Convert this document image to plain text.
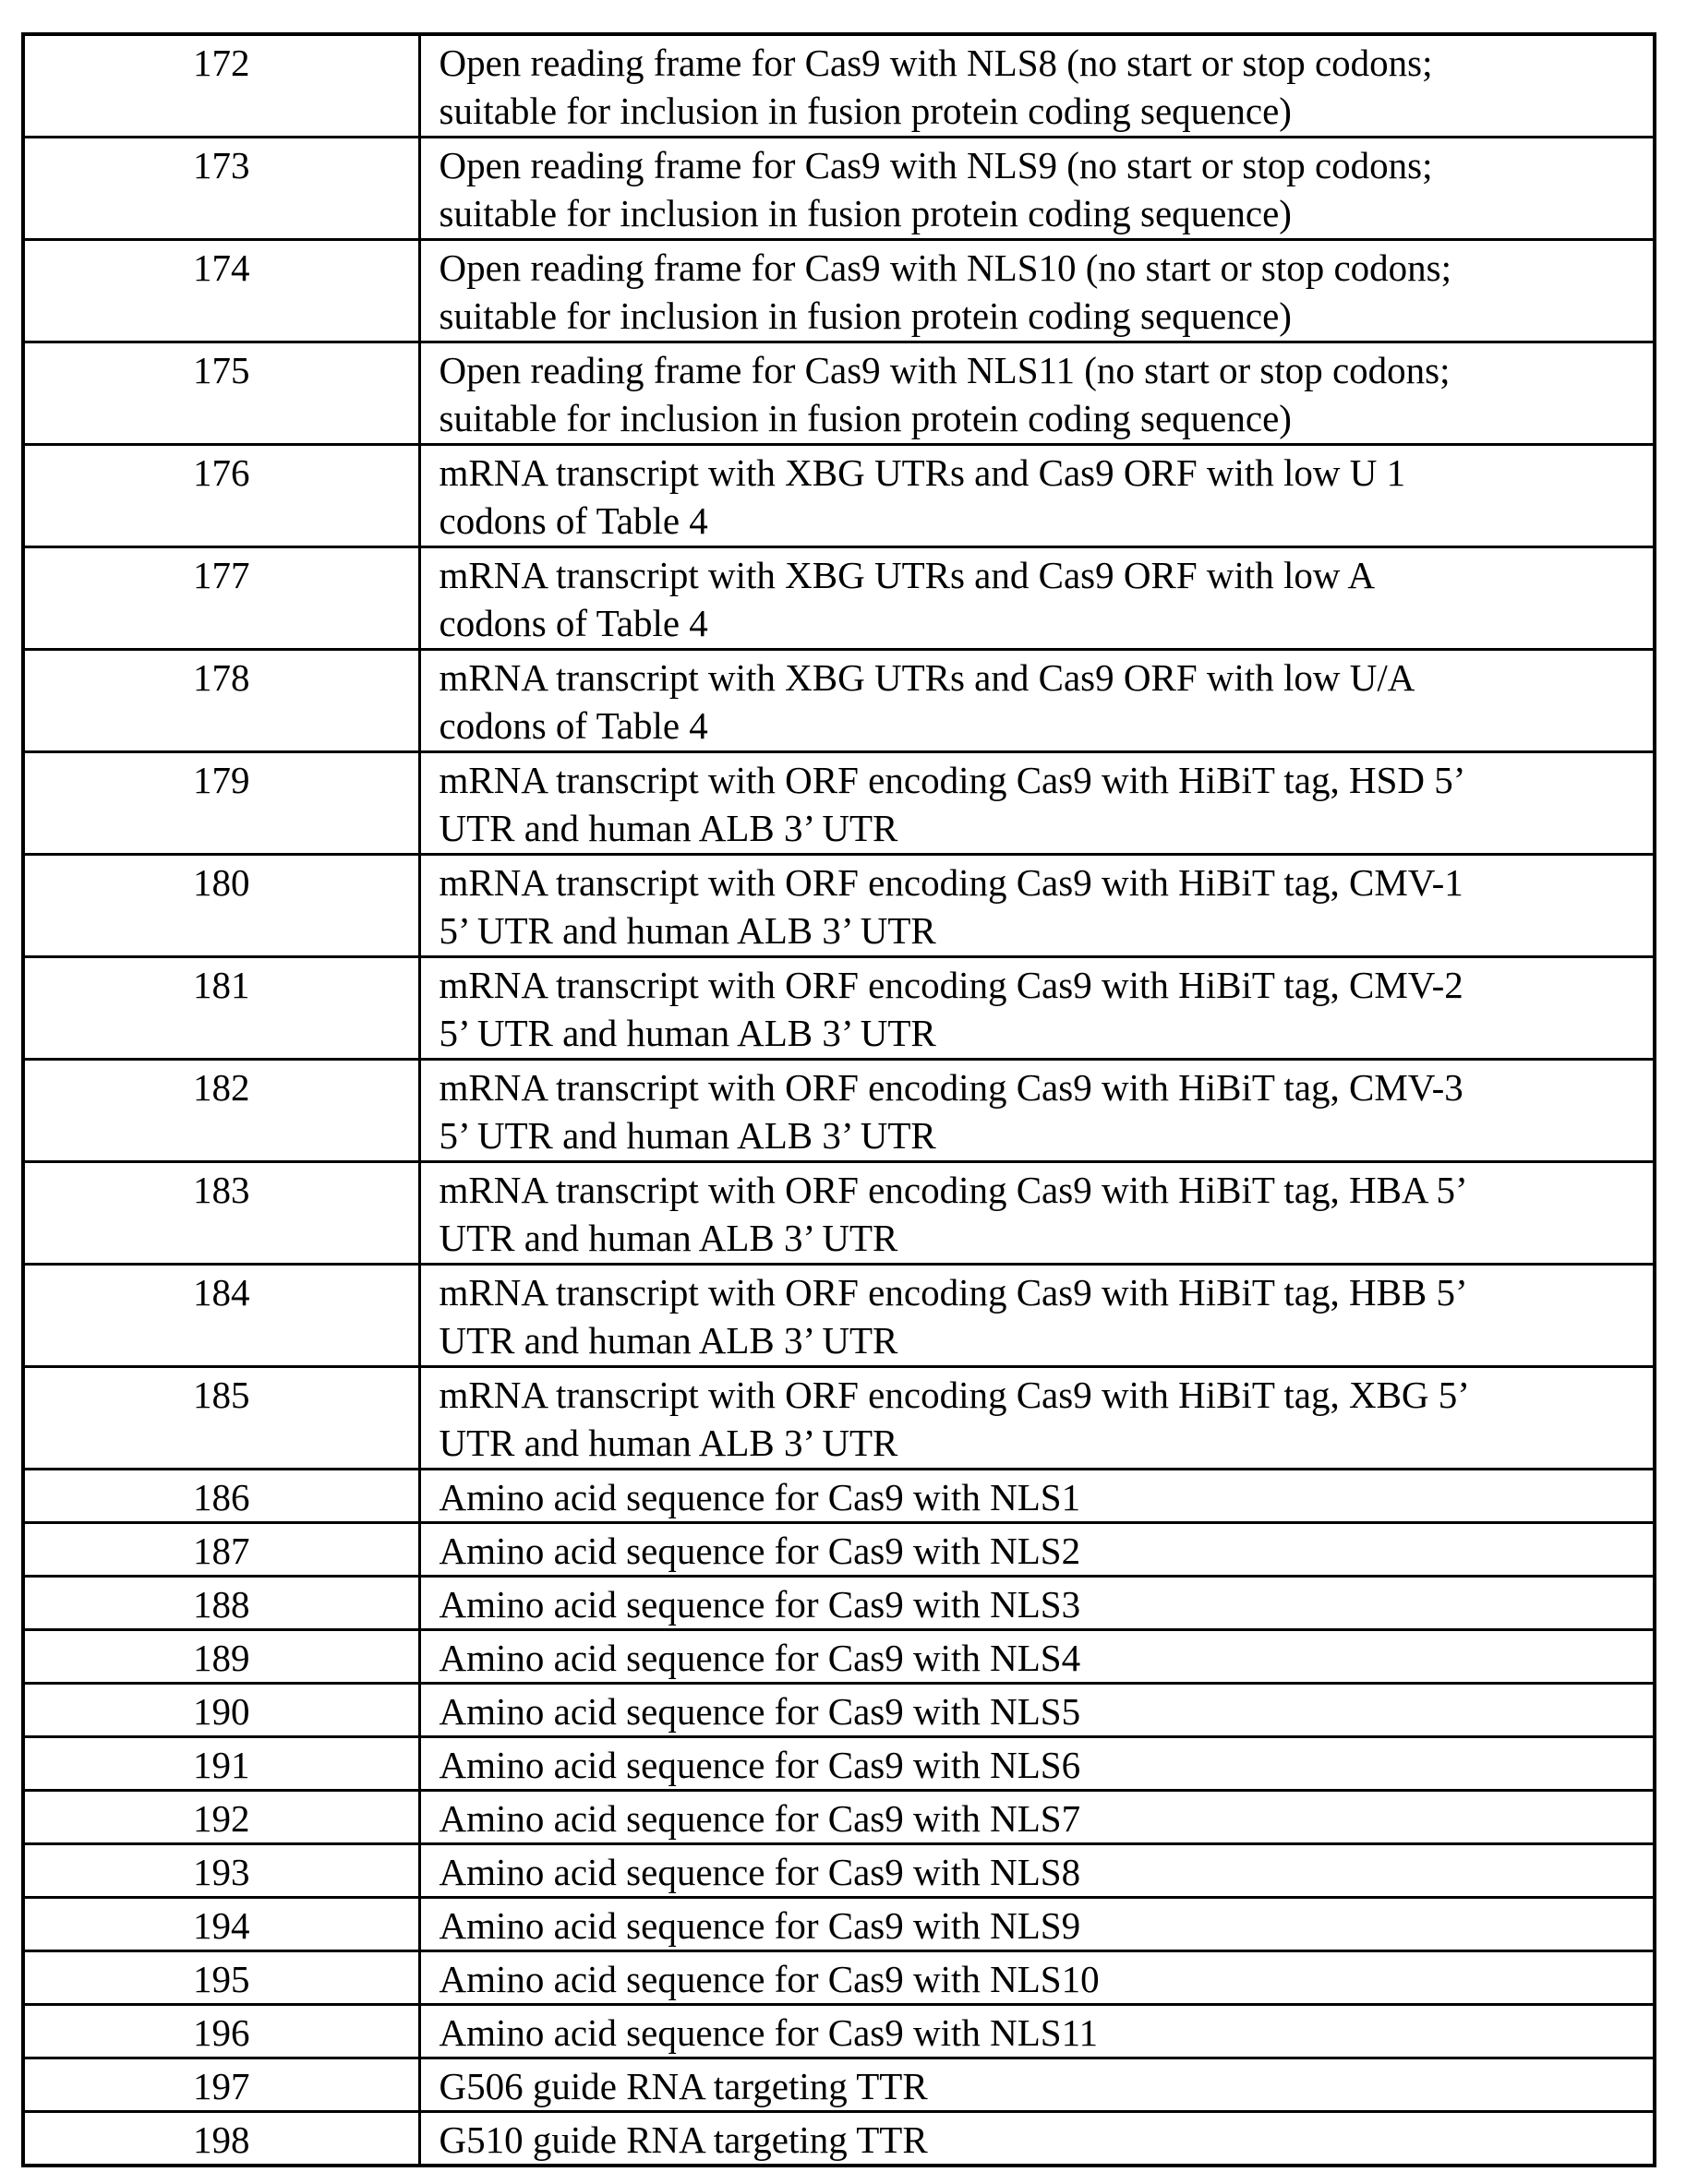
172	Open reading frame for Cas9 with NLS8 (no start or stop codons;
suitable for inclusion in fusion protein coding sequence)
173	Open reading frame for Cas9 with NLS9 (no start or stop codons;
suitable for inclusion in fusion protein coding sequence)
174	Open reading frame for Cas9 with NLS10 (no start or stop codons;
suitable for inclusion in fusion protein coding sequence)
175	Open reading frame for Cas9 with NLS11 (no start or stop codons;
suitable for inclusion in fusion protein coding sequence)
176	mRNA transcript with XBG UTRs and Cas9 ORF with low U 1
codons of Table 4
177	mRNA transcript with XBG UTRs and Cas9 ORF with low A
codons of Table 4
178	mRNA transcript with XBG UTRs and Cas9 ORF with low U/A
codons of Table 4
179	mRNA transcript with ORF encoding Cas9 with HiBiT tag, HSD 5’
UTR and human ALB 3’ UTR
180	mRNA transcript with ORF encoding Cas9 with HiBiT tag, CMV-1
5’ UTR and human ALB 3’ UTR
181	mRNA transcript with ORF encoding Cas9 with HiBiT tag, CMV-2
5’ UTR and human ALB 3’ UTR
182	mRNA transcript with ORF encoding Cas9 with HiBiT tag, CMV-3
5’ UTR and human ALB 3’ UTR
183	mRNA transcript with ORF encoding Cas9 with HiBiT tag, HBA 5’
UTR and human ALB 3’ UTR
184	mRNA transcript with ORF encoding Cas9 with HiBiT tag, HBB 5’
UTR and human ALB 3’ UTR
185	mRNA transcript with ORF encoding Cas9 with HiBiT tag, XBG 5’
UTR and human ALB 3’ UTR
186	Amino acid sequence for Cas9 with NLS1
187	Amino acid sequence for Cas9 with NLS2
188	Amino acid sequence for Cas9 with NLS3
189	Amino acid sequence for Cas9 with NLS4
190	Amino acid sequence for Cas9 with NLS5
191	Amino acid sequence for Cas9 with NLS6
192	Amino acid sequence for Cas9 with NLS7
193	Amino acid sequence for Cas9 with NLS8
194	Amino acid sequence for Cas9 with NLS9
195	Amino acid sequence for Cas9 with NLS10
196	Amino acid sequence for Cas9 with NLS11
197	G506 guide RNA targeting TTR
198	G510 guide RNA targeting TTR
